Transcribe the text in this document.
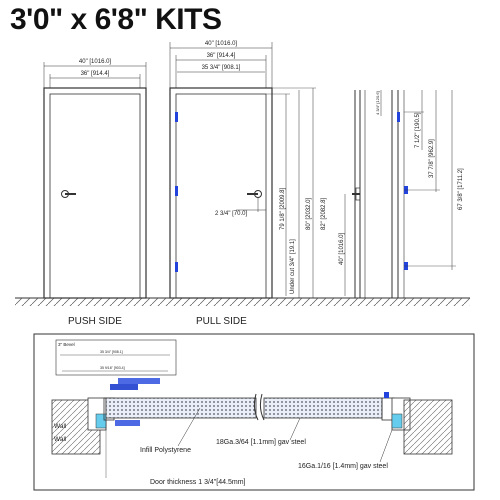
3'0" x 6'8" KITS
40" [1016.0]
36" [914.4]
2 3/4" [70.0]
40" [1016.0]
36" [914.4]
35 3/4" [908.1]
79 1/8" [2009.8]
Under cut 3/4" [19.1]
80" [2032.0] 82" [2082.8]
40" [1016.0]
4 3/4" [120.6]
7 1/2" [190.5]
37 7/8" [962.9]
67 3/8" [1711.2]
PUSH SIDE	PULL SIDE
3" Bevel
35 3/4" [908.1]
35 9/16" [903.4]
Wall
Wall
Infill Polystyrene
18Ga.3/64 [1.1mm] gav steel
16Ga.1/16 [1.4mm] gav steel
Door thickness 1 3/4"[44.5mm]
